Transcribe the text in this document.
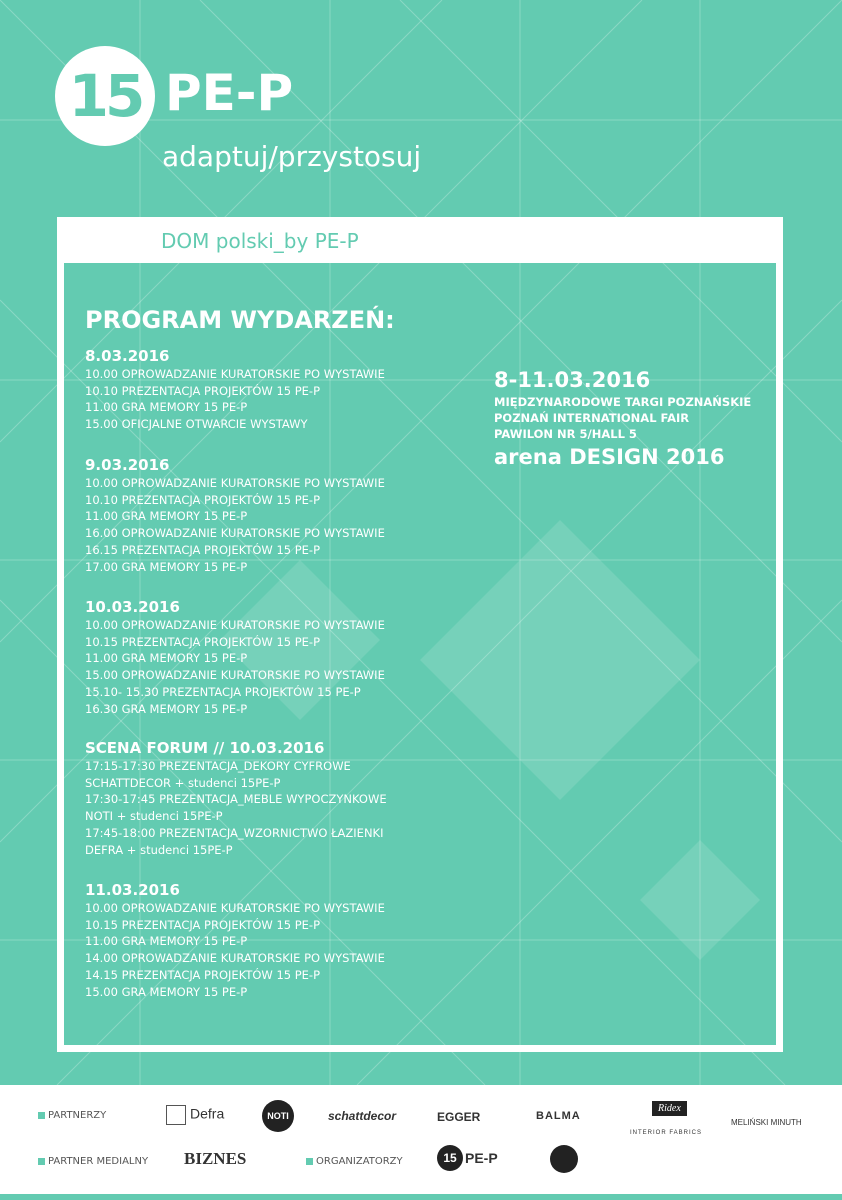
15 PE-P
adaptuj/przystosuj
DOM polski_by PE-P
PROGRAM WYDARZEŃ:
8.03.2016
10.00 OPROWADZANIE KURATORSKIE PO WYSTAWIE
10.10 PREZENTACJA PROJEKTÓW 15 PE-P
11.00 GRA MEMORY 15 PE-P
15.00 OFICJALNE OTWARCIE WYSTAWY
9.03.2016
10.00 OPROWADZANIE KURATORSKIE PO WYSTAWIE
10.10 PREZENTACJA PROJEKTÓW 15 PE-P
11.00 GRA MEMORY 15 PE-P
16.00 OPROWADZANIE KURATORSKIE PO WYSTAWIE
16.15 PREZENTACJA PROJEKTÓW 15 PE-P
17.00 GRA MEMORY 15 PE-P
10.03.2016
10.00 OPROWADZANIE KURATORSKIE PO WYSTAWIE
10.15 PREZENTACJA PROJEKTÓW 15 PE-P
11.00 GRA MEMORY 15 PE-P
15.00 OPROWADZANIE KURATORSKIE PO WYSTAWIE
15.10- 15.30 PREZENTACJA PROJEKTÓW 15 PE-P
16.30 GRA MEMORY 15 PE-P
SCENA FORUM // 10.03.2016
17:15-17:30 PREZENTACJA_DEKORY CYFROWE
SCHATTDECOR + studenci 15PE-P
17:30-17:45 PREZENTACJA_MEBLE WYPOCZYNKOWE
NOTI + studenci 15PE-P
17:45-18:00 PREZENTACJA_WZORNICTWO ŁAZIENKI
DEFRA + studenci 15PE-P
11.03.2016
10.00 OPROWADZANIE KURATORSKIE PO WYSTAWIE
10.15 PREZENTACJA PROJEKTÓW 15 PE-P
11.00 GRA MEMORY 15 PE-P
14.00 OPROWADZANIE KURATORSKIE PO WYSTAWIE
14.15 PREZENTACJA PROJEKTÓW 15 PE-P
15.00 GRA MEMORY 15 PE-P
8-11.03.2016
MIĘDZYNARODOWE TARGI POZNAŃSKIE
POZNAŃ INTERNATIONAL FAIR
PAWILON NR 5/HALL 5
arena DESIGN 2016
PARTNERZY
PARTNER MEDIALNY	ORGANIZATORZY
Defra	NOTI	schattdecor	EGGER	BALMA
Ridex
INTERIOR FABRICS
MELIŃSKI MINUTH
BIZNES	15 PE-P
